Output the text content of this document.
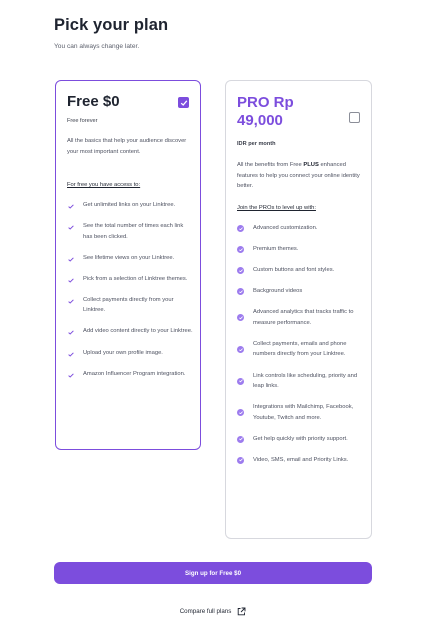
Pick your plan

You can always change later.

Free $0
Free forever
All the basics that help your audience discover your most important content.
For free you have access to:
Get unlimited links on your Linktree.
See the total number of times each link has been clicked.
See lifetime views on your Linktree.
Pick from a selection of Linktree themes.
Collect payments directly from your Linktree.
Add video content directly to your Linktree.
Upload your own profile image.
Amazon Influencer Program integration.
PRO Rp
49,000
IDR per month
All the benefits from Free PLUS enhanced features to help you connect your online identity better.
Join the PROs to level up with:
Advanced customization.
Premium themes.
Custom buttons and font styles.
Background videos
Advanced analytics that tracks traffic to measure performance.
Collect payments, emails and phone numbers directly from your Linktree.
Link controls like scheduling, priority and leap links.
Integrations with Mailchimp, Facebook, Youtube, Twitch and more.
Get help quickly with priority support.
Video, SMS, email and Priority Links.
Sign up for Free $0
Compare full plans
